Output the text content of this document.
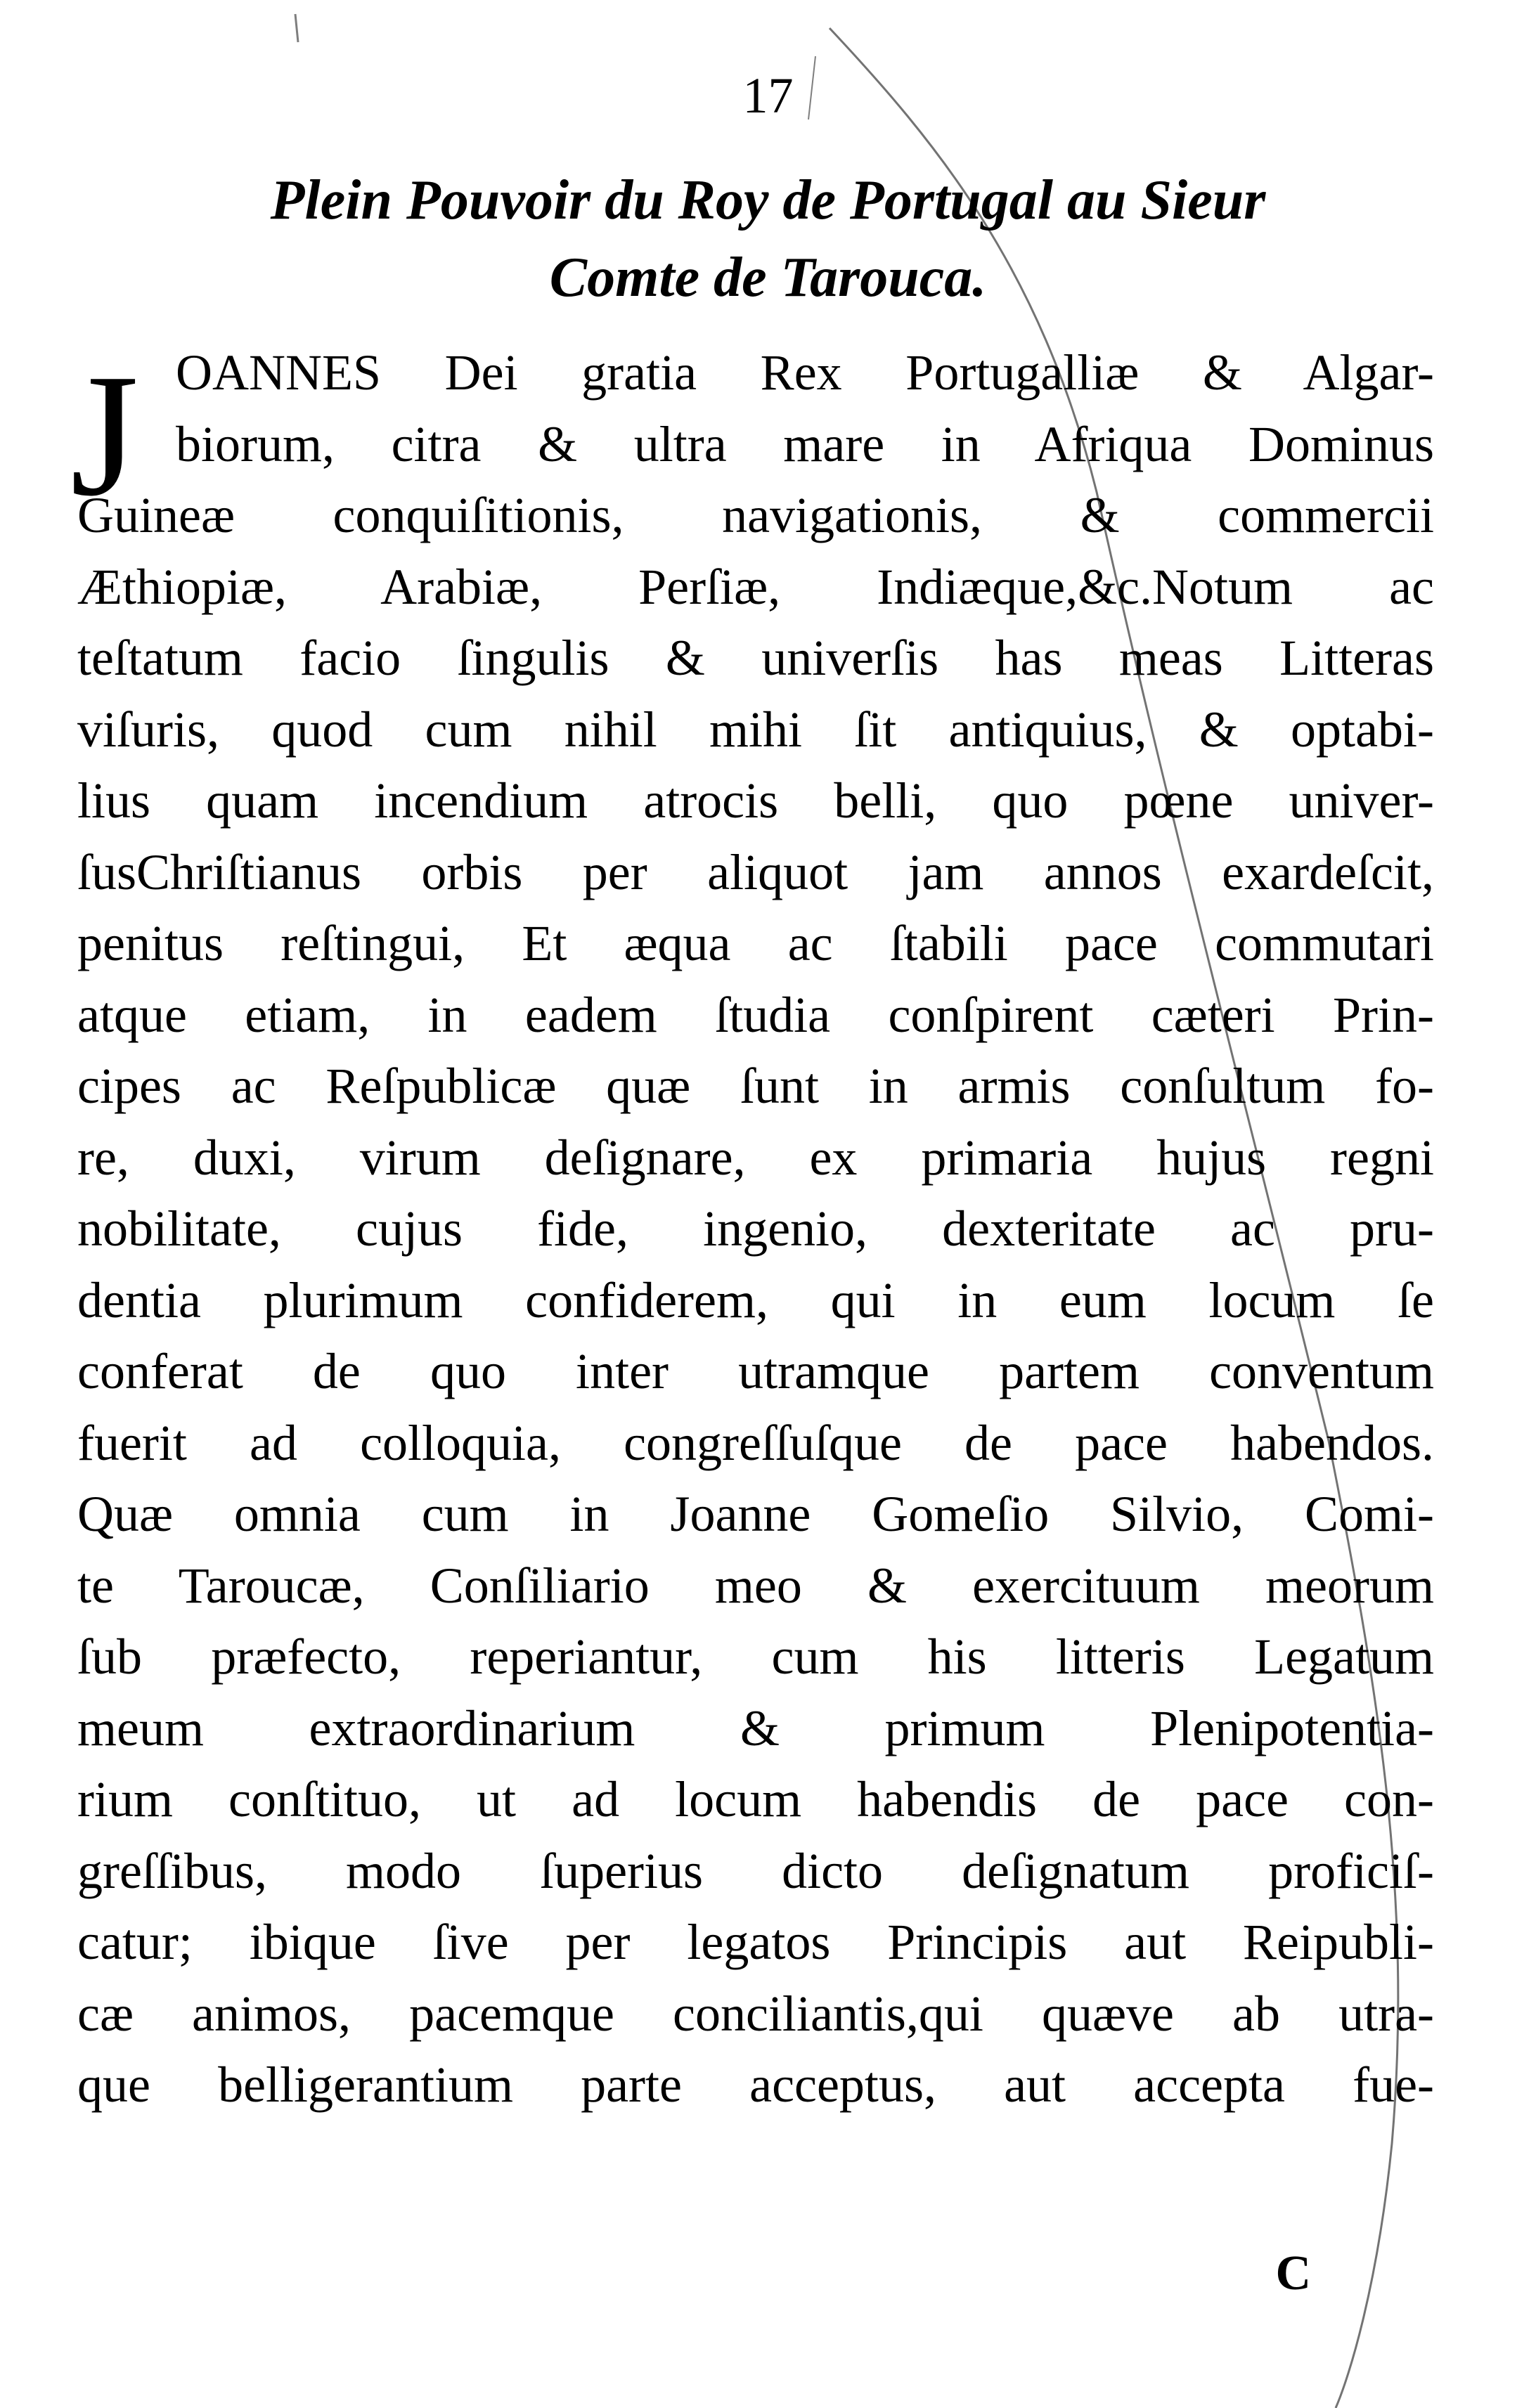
17
Plein Pouvoir du Roy de Portugal au Sieur
Comte de Tarouca.
J OANNES Dei gratia Rex Portugalliæ & Algar-
biorum, citra & ultra mare in Afriqua Dominus
Guineæ conquiſitionis, navigationis, & commercii
Æthiopiæ, Arabiæ, Perſiæ, Indiæque,&c.Notum ac
teſtatum facio ſingulis & univerſis has meas Litteras
viſuris, quod cum nihil mihi ſit antiquius, & optabi-
lius quam incendium atrocis belli, quo pœne univer-
ſusChriſtianus orbis per aliquot jam annos exardeſcit,
penitus reſtingui, Et æqua ac ſtabili pace commutari
atque etiam, in eadem ſtudia conſpirent cæteri Prin-
cipes ac Reſpublicæ quæ ſunt in armis conſultum fo-
re, duxi, virum deſignare, ex primaria hujus regni
nobilitate, cujus fide, ingenio, dexteritate ac pru-
dentia plurimum confiderem, qui in eum locum ſe
conferat de quo inter utramque partem conventum
fuerit ad colloquia, congreſſuſque de pace habendos.
Quæ omnia cum in Joanne Gomeſio Silvio, Comi-
te Taroucæ, Conſiliario meo & exercituum meorum
ſub præfecto, reperiantur, cum his litteris Legatum
meum extraordinarium & primum Plenipotentia-
rium conſtituo, ut ad locum habendis de pace con-
greſſibus, modo ſuperius dicto deſignatum proficiſ-
catur; ibique ſive per legatos Principis aut Reipubli-
cæ animos, pacemque conciliantis,qui quæve ab utra-
que belligerantium parte acceptus, aut accepta fue-
C
